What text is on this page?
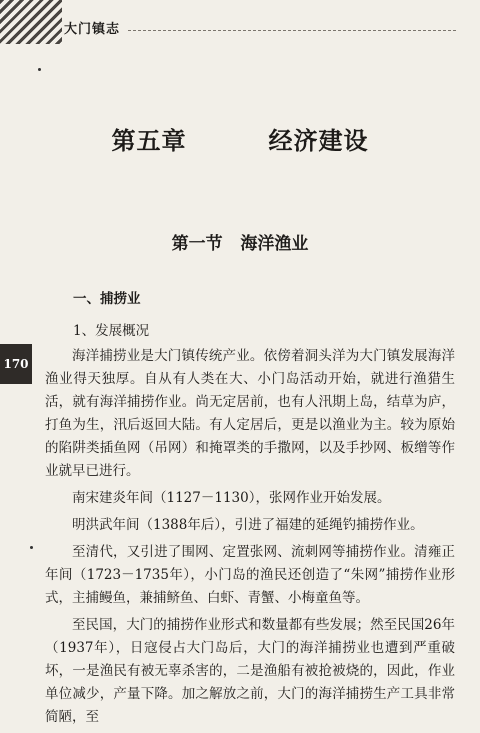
大门镇志
170
第五章   经济建设
第一节   海洋渔业
一、捕捞业
1、发展概况

海洋捕捞业是大门镇传统产业。依傍着洞头洋为大门镇发展海洋渔业得天独厚。自从有人类在大、小门岛活动开始，就进行渔猎生活，就有海洋捕捞作业。尚无定居前，也有人汛期上岛，结草为庐，打鱼为生，汛后返回大陆。有人定居后，更是以渔业为主。较为原始的陷阱类插鱼网（吊网）和掩罩类的手撒网，以及手抄网、板缯等作业就早已进行。

南宋建炎年间（1127－1130），张网作业开始发展。

明洪武年间（1388年后），引进了福建的延绳钓捕捞作业。

至清代，又引进了围网、定置张网、流刺网等捕捞作业。清雍正年间（1723－1735年），小门岛的渔民还创造了“朱网”捕捞作业形式，主捕鳗鱼，兼捕鲚鱼、白虾、青蟹、小梅童鱼等。

至民国，大门的捕捞作业形式和数量都有些发展；然至民国26年（1937年），日寇侵占大门岛后，大门的海洋捕捞业也遭到严重破坏，一是渔民有被无辜杀害的，二是渔船有被抢被烧的，因此，作业单位减少，产量下降。加之解放之前，大门的海洋捕捞生产工具非常简陋，至
